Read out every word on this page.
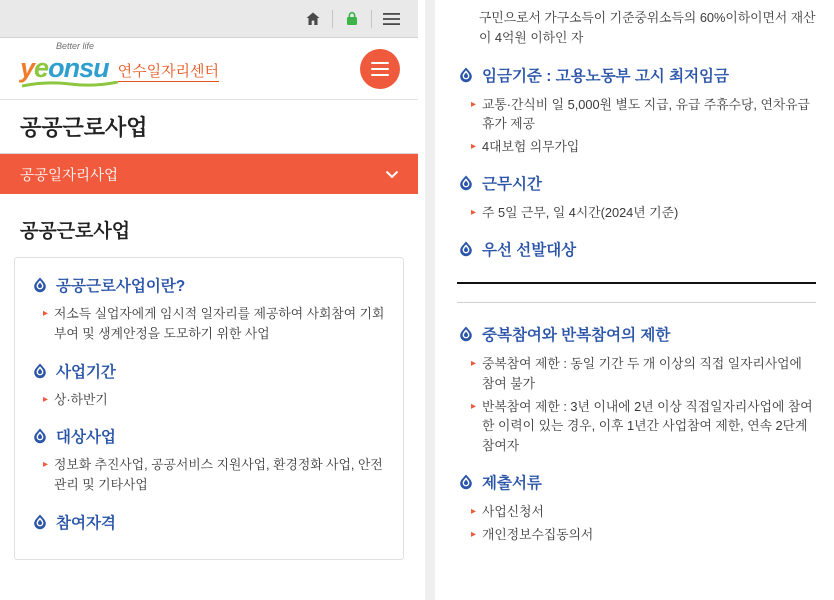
Better life
yeonsu 연수일자리센터
공공근로사업
공공일자리사업
공공근로사업
공공근로사업이란?
▸ 저소득 실업자에게 임시적 일자리를 제공하여 사회참여 기회 부여 및 생계안정을 도모하기 위한 사업
사업기간
▸ 상·하반기
대상사업
▸ 정보화 추진사업, 공공서비스 지원사업, 환경정화 사업, 안전관리 및 기타사업
참여자격
구민으로서 가구소득이 기준중위소득의 60%이하이면서 재산이 4억원 이하인 자
임금기준 : 고용노동부 고시 최저임금
▸ 교통·간식비 일 5,000원 별도 지급, 유급 주휴수당, 연차유급휴가 제공
▸ 4대보험 의무가입
근무시간
▸ 주 5일 근무, 일 4시간(2024년 기준)
우선 선발대상
중복참여와 반복참여의 제한
▸ 중복참여 제한 : 동일 기간 두 개 이상의 직접 일자리사업에 참여 불가
▸ 반복참여 제한 : 3년 이내에 2년 이상 직접일자리사업에 참여한 이력이 있는 경우, 이후 1년간 사업참여 제한, 연속 2단계 참여자
제출서류
▸ 사업신청서
▸ 개인정보수집동의서
